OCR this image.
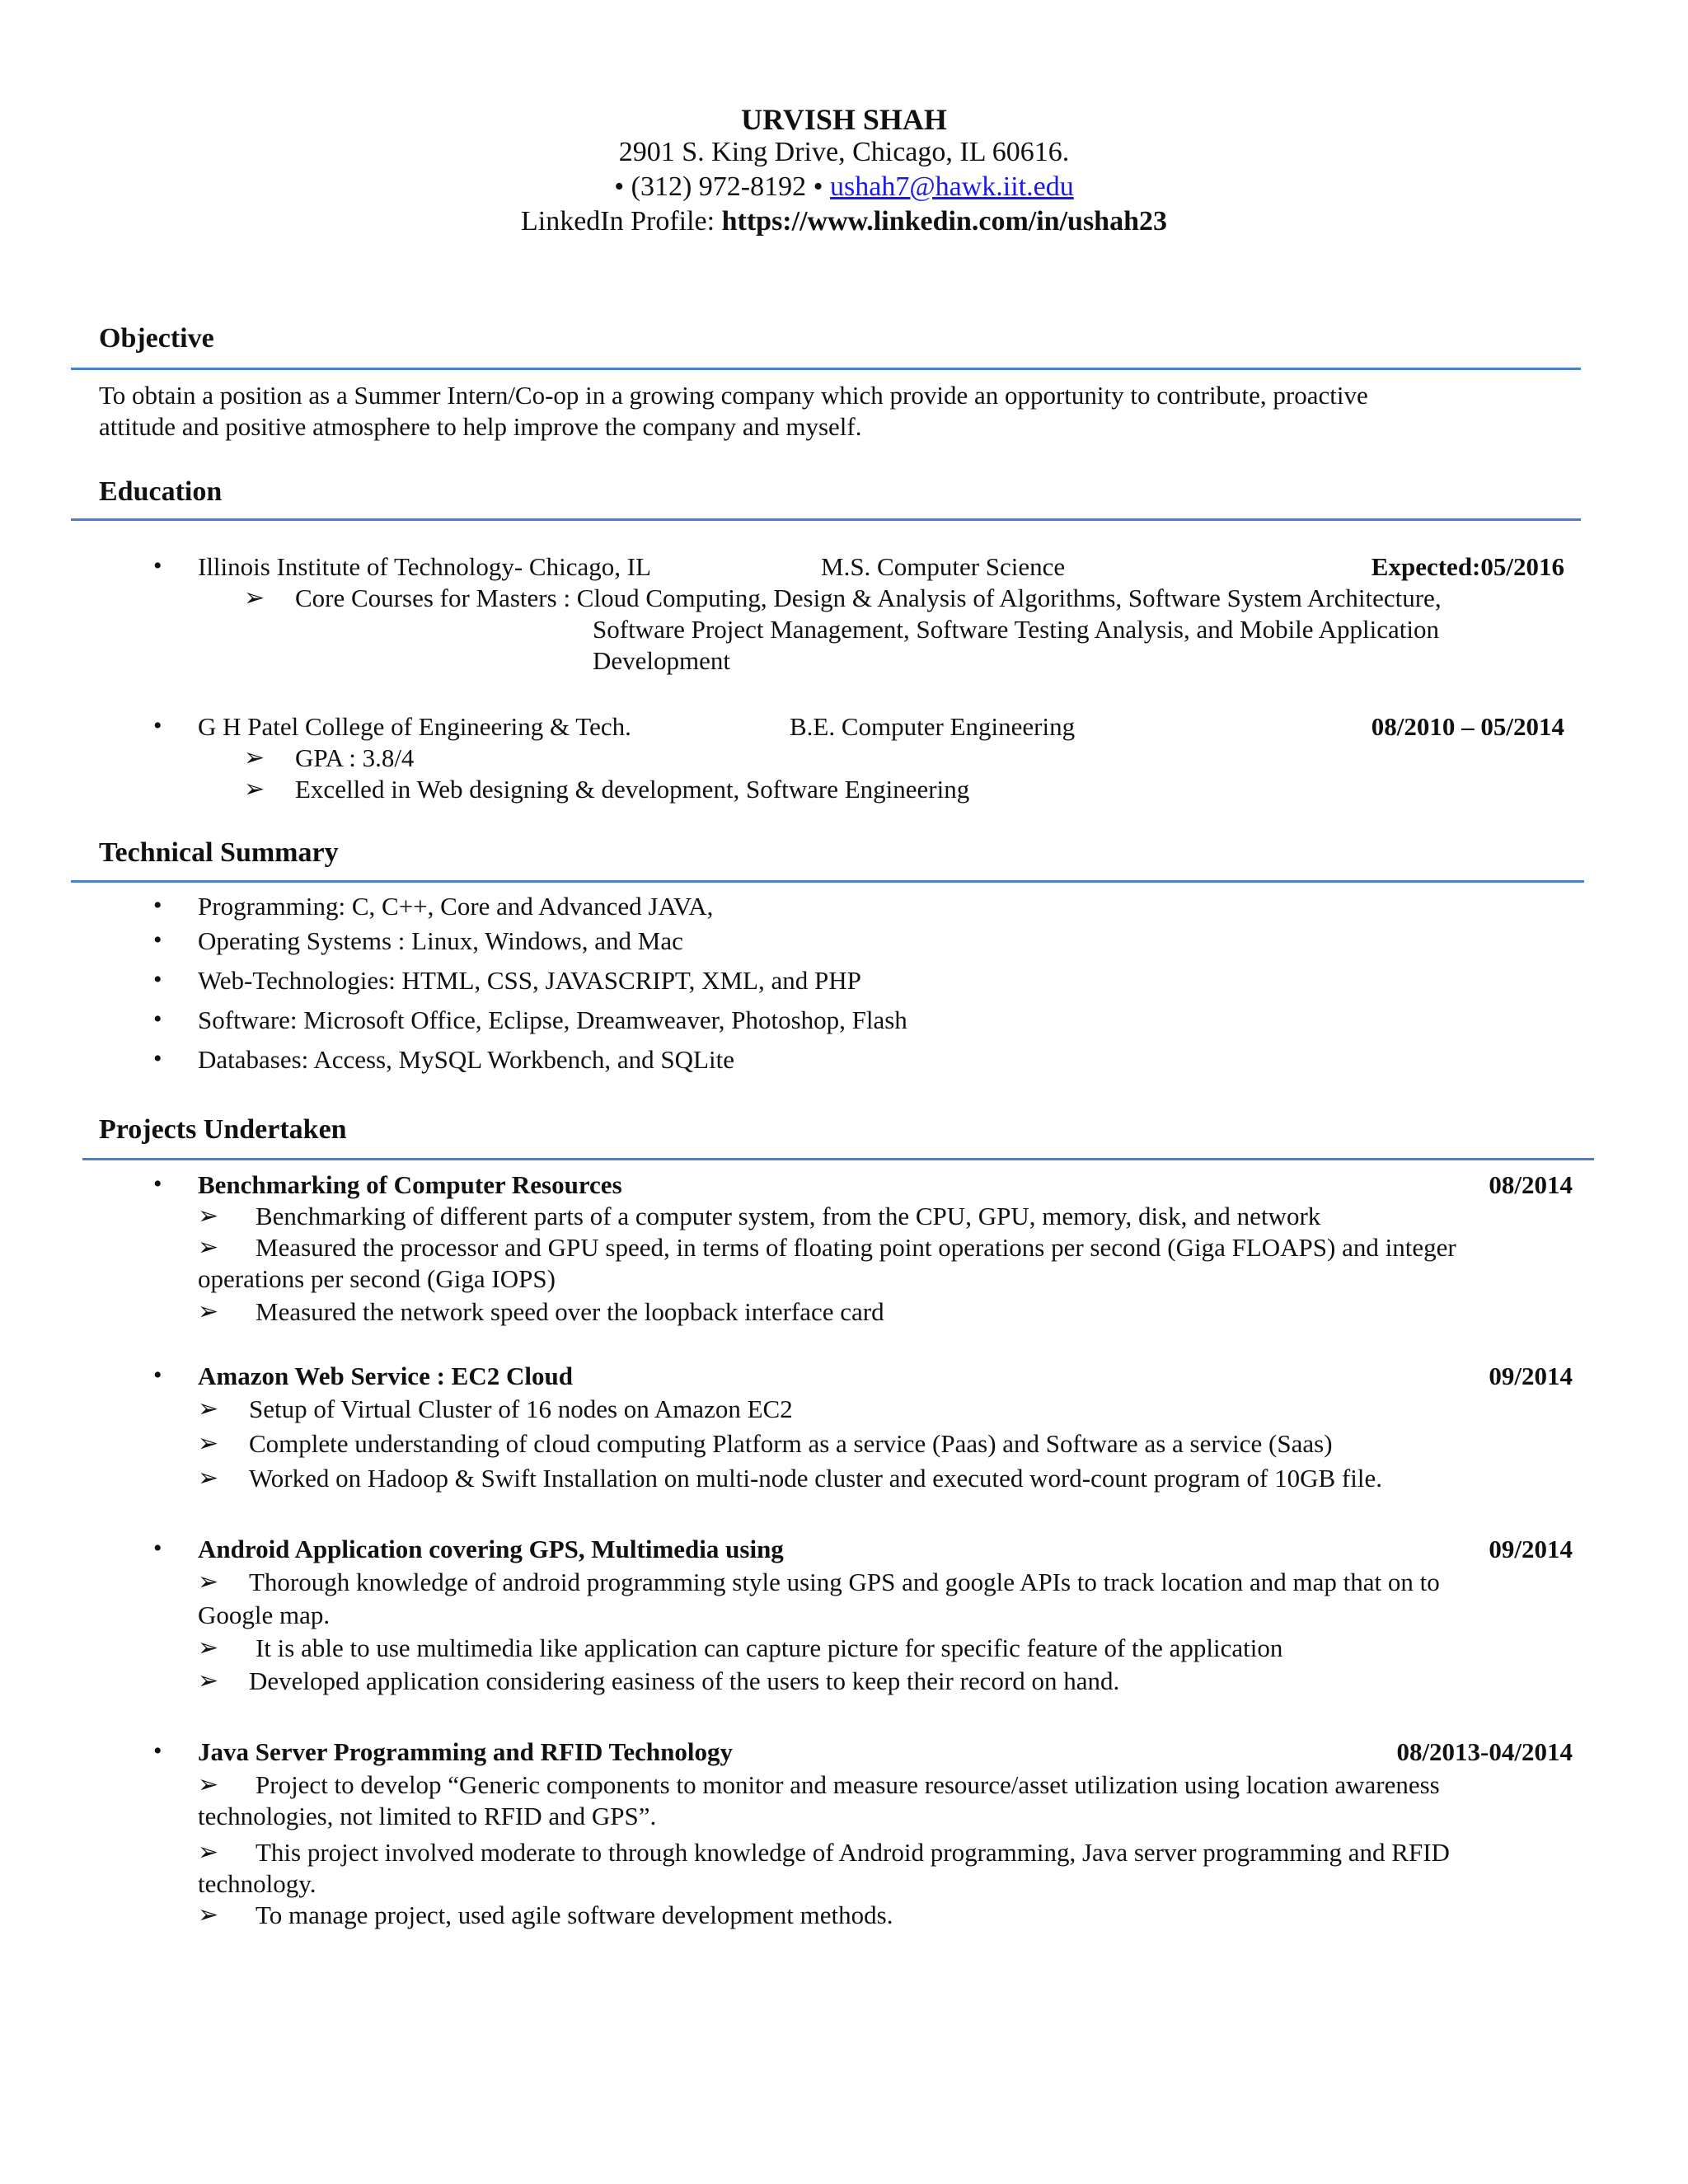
URVISH SHAH
2901 S. King Drive, Chicago, IL 60616.
• (312) 972-8192 • ushah7@hawk.iit.edu
LinkedIn Profile: https://www.linkedin.com/in/ushah23
Objective
To obtain a position as a Summer Intern/Co-op in a growing company which provide an opportunity to contribute, proactive
attitude and positive atmosphere to help improve the company and myself.
Education
• Illinois Institute of Technology- Chicago, IL	M.S. Computer Science	Expected:05/2016
➢ Core Courses for Masters : Cloud Computing, Design & Analysis of Algorithms, Software System Architecture,
Software Project Management, Software Testing Analysis, and Mobile Application
Development
• G H Patel College of Engineering & Tech.	B.E. Computer Engineering	08/2010 – 05/2014
➢ GPA : 3.8/4
➢ Excelled in Web designing & development, Software Engineering
Technical Summary
• Programming: C, C++, Core and Advanced JAVA,
• Operating Systems : Linux, Windows, and Mac
• Web-Technologies: HTML, CSS, JAVASCRIPT, XML, and PHP
• Software: Microsoft Office, Eclipse, Dreamweaver, Photoshop, Flash
• Databases: Access, MySQL Workbench, and SQLite
Projects Undertaken
• Benchmarking of Computer Resources	08/2014
➢ Benchmarking of different parts of a computer system, from the CPU, GPU, memory, disk, and network
➢ Measured the processor and GPU speed, in terms of floating point operations per second (Giga FLOAPS) and integer
operations per second (Giga IOPS)
➢ Measured the network speed over the loopback interface card
• Amazon Web Service : EC2 Cloud	09/2014
➢ Setup of Virtual Cluster of 16 nodes on Amazon EC2
➢ Complete understanding of cloud computing Platform as a service (Paas) and Software as a service (Saas)
➢ Worked on Hadoop & Swift Installation on multi-node cluster and executed word-count program of 10GB file.
• Android Application covering GPS, Multimedia using	09/2014
➢ Thorough knowledge of android programming style using GPS and google APIs to track location and map that on to
Google map.
➢ It is able to use multimedia like application can capture picture for specific feature of the application
➢ Developed application considering easiness of the users to keep their record on hand.
• Java Server Programming and RFID Technology	08/2013-04/2014
➢ Project to develop “Generic components to monitor and measure resource/asset utilization using location awareness
technologies, not limited to RFID and GPS”.
➢ This project involved moderate to through knowledge of Android programming, Java server programming and RFID
technology.
➢ To manage project, used agile software development methods.
